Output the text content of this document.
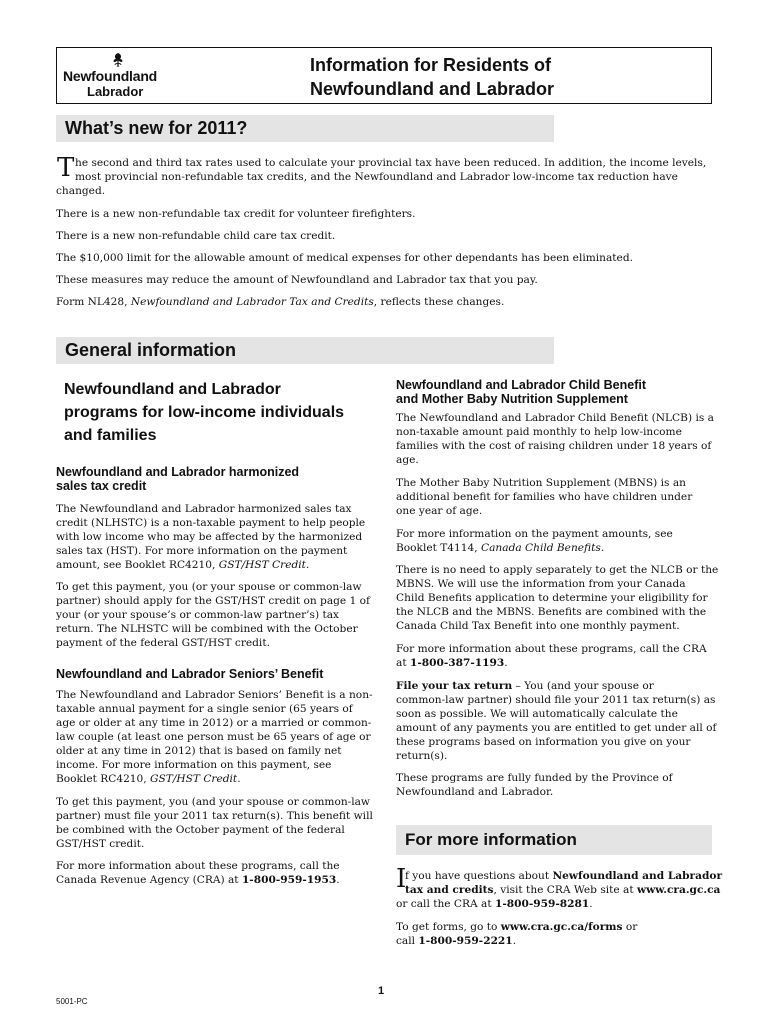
Newfoundland
Labrador
Information for Residents of
Newfoundland and Labrador
What’s new for 2011?
T he second and third tax rates used to calculate your provincial tax have been reduced. In addition, the income levels,
most provincial non-refundable tax credits, and the Newfoundland and Labrador low-income tax reduction have
changed.
There is a new non-refundable tax credit for volunteer firefighters.
There is a new non-refundable child care tax credit.
The $10,000 limit for the allowable amount of medical expenses for other dependants has been eliminated.
These measures may reduce the amount of Newfoundland and Labrador tax that you pay.
Form NL428, Newfoundland and Labrador Tax and Credits, reflects these changes.
General information
Newfoundland and Labrador
programs for low-income individuals
and families
Newfoundland and Labrador harmonized
sales tax credit
The Newfoundland and Labrador harmonized sales tax
credit (NLHSTC) is a non-taxable payment to help people
with low income who may be affected by the harmonized
sales tax (HST). For more information on the payment
amount, see Booklet RC4210, GST/HST Credit.
To get this payment, you (or your spouse or common-law
partner) should apply for the GST/HST credit on page 1 of
your (or your spouse’s or common-law partner’s) tax
return. The NLHSTC will be combined with the October
payment of the federal GST/HST credit.
Newfoundland and Labrador Seniors’ Benefit
The Newfoundland and Labrador Seniors’ Benefit is a non-
taxable annual payment for a single senior (65 years of
age or older at any time in 2012) or a married or common-
law couple (at least one person must be 65 years of age or
older at any time in 2012) that is based on family net
income. For more information on this payment, see
Booklet RC4210, GST/HST Credit.
To get this payment, you (and your spouse or common-law
partner) must file your 2011 tax return(s). This benefit will
be combined with the October payment of the federal
GST/HST credit.
For more information about these programs, call the
Canada Revenue Agency (CRA) at 1-800-959-1953.
Newfoundland and Labrador Child Benefit
and Mother Baby Nutrition Supplement
The Newfoundland and Labrador Child Benefit (NLCB) is a
non-taxable amount paid monthly to help low-income
families with the cost of raising children under 18 years of
age.
The Mother Baby Nutrition Supplement (MBNS) is an
additional benefit for families who have children under
one year of age.
For more information on the payment amounts, see
Booklet T4114, Canada Child Benefits.
There is no need to apply separately to get the NLCB or the
MBNS. We will use the information from your Canada
Child Benefits application to determine your eligibility for
the NLCB and the MBNS. Benefits are combined with the
Canada Child Tax Benefit into one monthly payment.
For more information about these programs, call the CRA
at 1-800-387-1193.
File your tax return – You (and your spouse or
common-law partner) should file your 2011 tax return(s) as
soon as possible. We will automatically calculate the
amount of any payments you are entitled to get under all of
these programs based on information you give on your
return(s).
These programs are fully funded by the Province of
Newfoundland and Labrador.
For more information
I
f you have questions about Newfoundland and Labrador
tax and credits, visit the CRA Web site at www.cra.gc.ca
or call the CRA at 1-800-959-8281.
To get forms, go to www.cra.gc.ca/forms or
call 1-800-959-2221.
1
5001-PC
